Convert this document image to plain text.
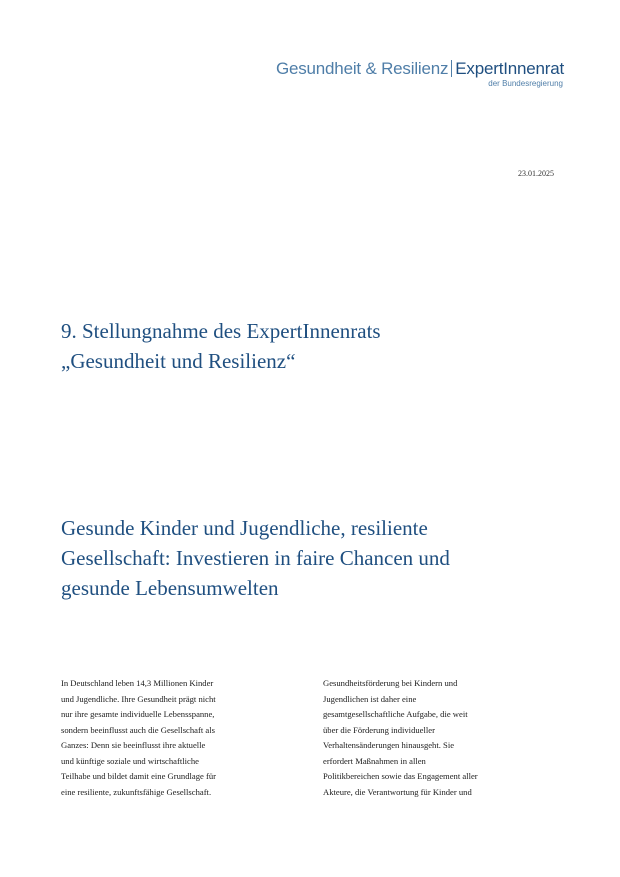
Gesundheit & Resilienz ExpertInnenrat
der Bundesregierung
23.01.2025
9. Stellungnahme des ExpertInnenrats
„Gesundheit und Resilienz“
Gesunde Kinder und Jugendliche, resiliente
Gesellschaft: Investieren in faire Chancen und
gesunde Lebensumwelten
In Deutschland leben 14,3 Millionen Kinder
und Jugendliche. Ihre Gesundheit prägt nicht
nur ihre gesamte individuelle Lebensspanne,
sondern beeinflusst auch die Gesellschaft als
Ganzes: Denn sie beeinflusst ihre aktuelle
und künftige soziale und wirtschaftliche
Teilhabe und bildet damit eine Grundlage für
eine resiliente, zukunftsfähige Gesellschaft.
Gesundheitsförderung bei Kindern und
Jugendlichen ist daher eine
gesamtgesellschaftliche Aufgabe, die weit
über die Förderung individueller
Verhaltensänderungen hinausgeht. Sie
erfordert Maßnahmen in allen
Politikbereichen sowie das Engagement aller
Akteure, die Verantwortung für Kinder und
